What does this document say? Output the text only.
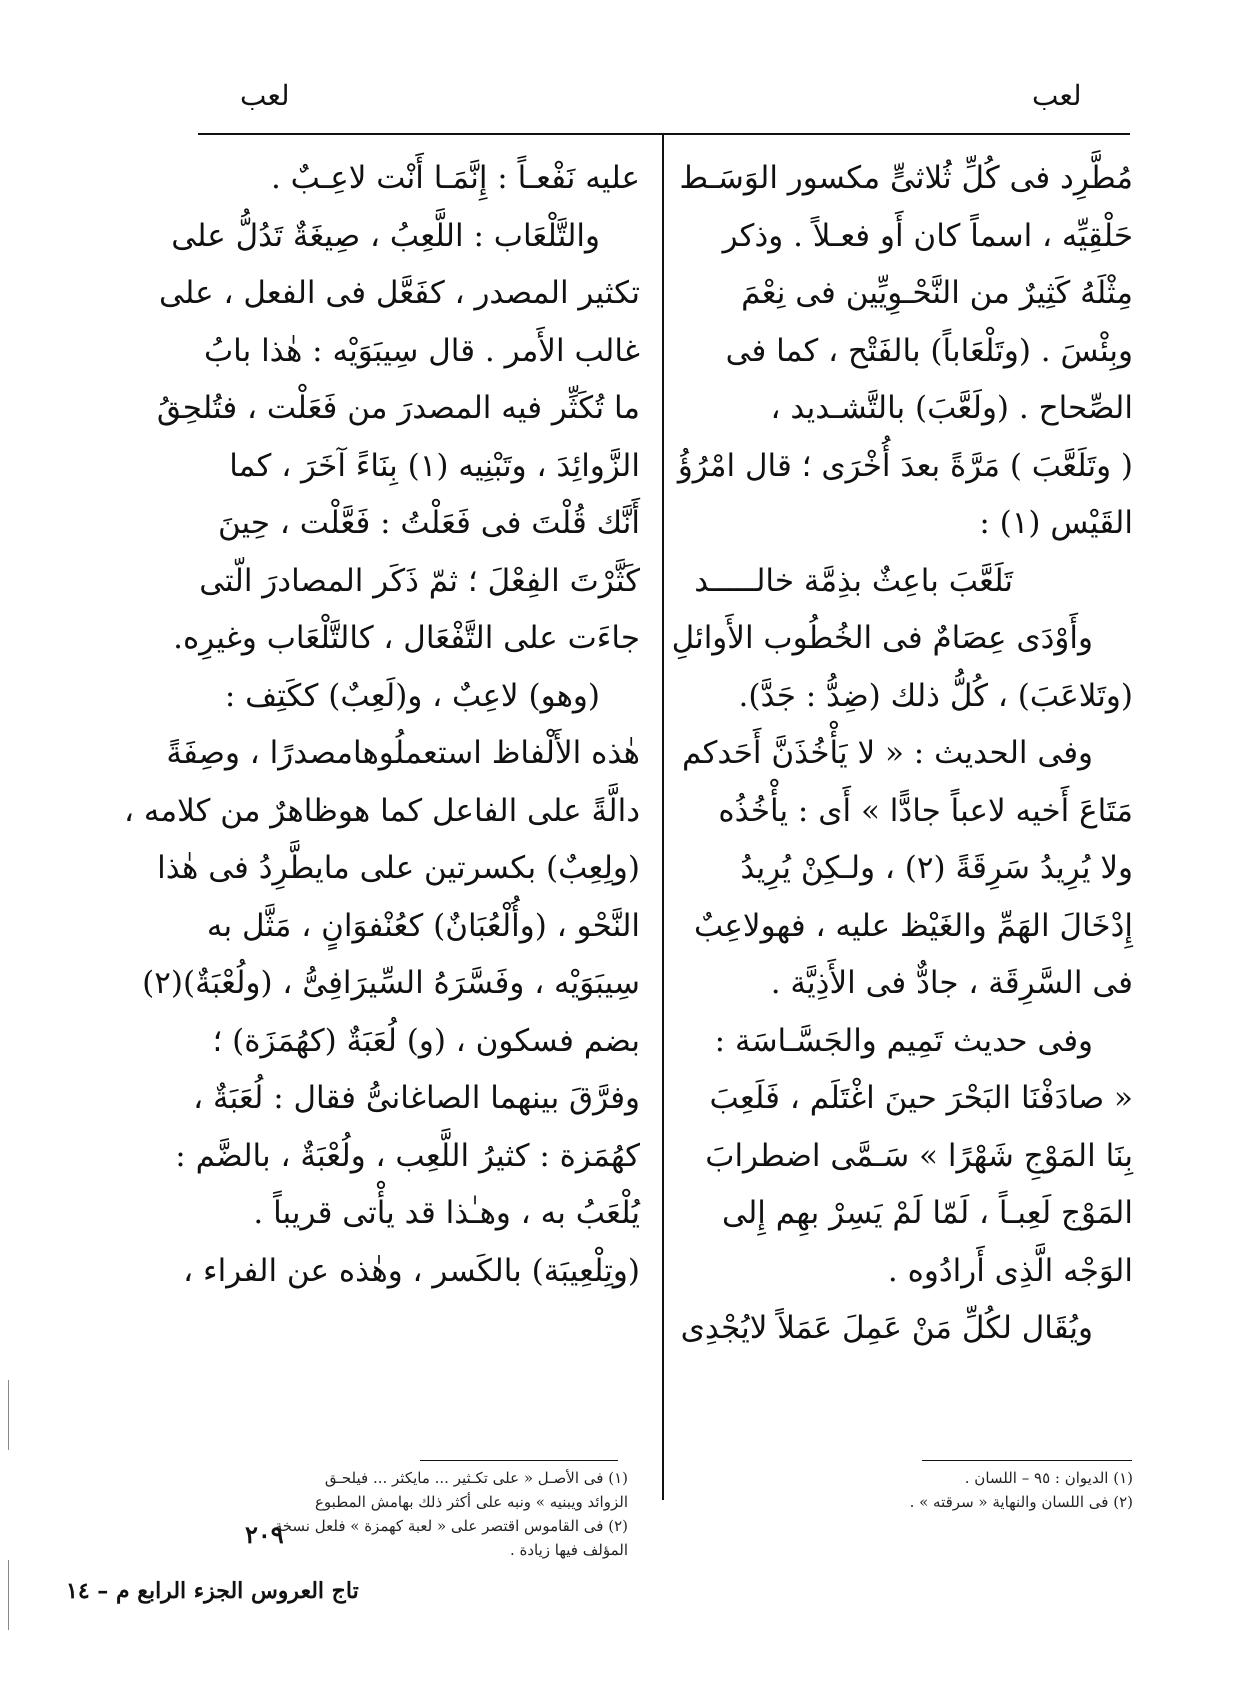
لعب
لعب
مُطَّرِد فى كُلِّ ثُلاثىٍّ مكسور الوَسَـط
حَلْقِيِّه ، اسماً كان أَو فعـلاً . وذكر
مِثْلَهُ كَثِيرٌ من النَّحْـوِيِّين فى نِعْمَ
وبِئْسَ . (وتَلْعَاباً) بالفَتْح ، كما فى
الصِّحاح . (ولَعَّبَ) بالتَّشـديد ،
( وتَلَعَّبَ ) مَرَّةً بعدَ أُخْرَى ؛ قال امْرُؤُ
القَيْس (١) :
تَلَعَّبَ باعِثٌ بذِمَّة خالـــــد
وأَوْدَى عِصَامٌ فى الخُطُوب الأَوائلِ
(وتَلاعَبَ) ، كُلُّ ذلك (ضِدُّ : جَدَّ).
وفى الحديث : « لا يَأْخُذَنَّ أَحَدكم
مَتَاعَ أَخيه لاعباً جادًّا » أَى : يأْخُذُه
ولا يُرِيدُ سَرِقَةً (٢) ، ولـكِنْ يُرِيدُ
إِدْخَالَ الهَمِّ والغَيْظ عليه ، فهولاعِبٌ
فى السَّرِقَة ، جادٌّ فى الأَذِيَّة .
وفى حديث تَمِيم والجَسَّـاسَة :
« صادَفْنَا البَحْرَ حينَ اغْتَلَم ، فَلَعِبَ
بِنَا المَوْجِ شَهْرًا » سَـمَّى اضطرابَ
المَوْج لَعِبـاً ، لَمّا لَمْ يَسِرْ بهِم إِلى
الوَجْه الَّذِى أَرادُوه .
ويُقَال لكُلِّ مَنْ عَمِلَ عَمَلاً لايُجْدِى
عليه نَفْعـاً : إِنَّمَـا أَنْت لاعِـبٌ .
والتَّلْعَاب : اللَّعِبُ ، صِيغَةٌ تَدُلُّ على
تكثير المصدر ، كفَعَّل فى الفعل ، على
غالب الأَمر . قال سِيبَوَيْه : هٰذا بابُ
ما تُكَثِّر فيه المصدرَ من فَعَلْت ، فتُلحِقُ
الزَّوائِدَ ، وتَبْنِيه (١) بِنَاءً آخَرَ ، كما
أَنَّك قُلْتَ فى فَعَلْتُ : فَعَّلْت ، حِينَ
كَثَّرْتَ الفِعْلَ ؛ ثمّ ذَكَر المصادرَ الّتى
جاءَت على التَّفْعَال ، كالتَّلْعَاب وغيرِه.
(وهو) لاعِبٌ ، و(لَعِبٌ) ككَتِف :
هٰذه الأَلْفاظ استعملُوهامصدرًا ، وصِفَةً
دالَّةً على الفاعل كما هوظاهرٌ من كلامه ،
(ولِعِبٌ) بكسرتين على مايطَّرِدُ فى هٰذا
النَّحْو ، (وأُلْعُبَانٌ) كعُنْفوَانٍ ، مَثَّل به
سِيبَوَيْه ، وفَسَّرَهُ السِّيرَافِىُّ ، (ولُعْبَةٌ)(٢)
بضم فسكون ، (و) لُعَبَةٌ (كهُمَزَة) ؛
وفرَّقَ بينهما الصاغانىُّ فقال : لُعَبَةٌ ،
كهُمَزة : كثيرُ اللَّعِب ، ولُعْبَةٌ ، بالضَّم :
يُلْعَبُ به ، وهـٰذا قد يأْتى قريباً .
(وتِلْعِيبَة) بالكَسر ، وهٰذه عن الفراء ،
(١) الديوان : ٩٥ – اللسان .
(٢) فى اللسان والنهاية « سرقته » .
(١) فى الأصـل « على تكـثير ... مايكثر ... فيلحـق
الزوائد ويبنيه » ونبه على أكثر ذلك بهامش المطبوع
(٢) فى القاموس اقتصر على « لعبة كهمزة » فلعل نسخة
المؤلف فيها زيادة .
٢٠٩
تاج العروس الجزء الرابع م – ١٤
